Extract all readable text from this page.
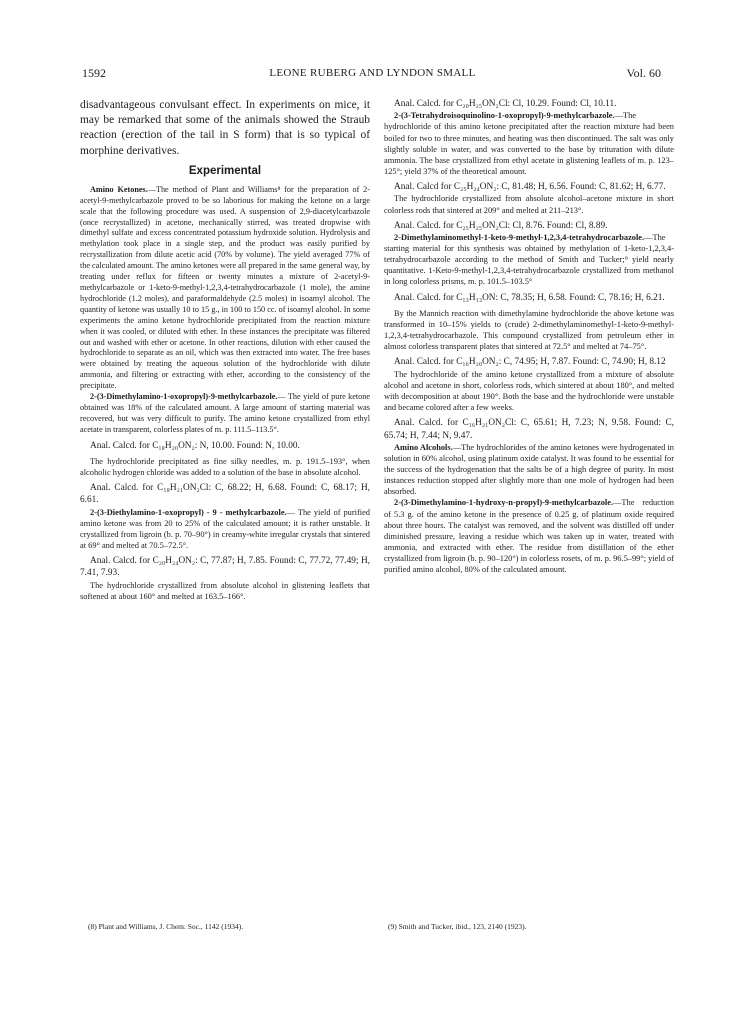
1592	LEONE RUBERG AND LYNDON SMALL	Vol. 60

disadvantageous convulsant effect. In experiments on mice, it may be remarked that some of the animals showed the Straub reaction (erection of the tail in S form) that is so typical of morphine derivatives.

Experimental

Amino Ketones.—The method of Plant and Williams⁸ for the preparation of 2-acetyl-9-methylcarbazole proved to be so laborious for making the ketone on a large scale that the following procedure was used. A suspension of 2,9-diacetylcarbazole (once recrystallized) in acetone, mechanically stirred, was treated dropwise with dimethyl sulfate and excess concentrated potassium hydroxide solution. Hydrolysis and methylation took place in a single step, and the product was easily purified by recrystallization from dilute acetic acid (70% by volume). The yield averaged 77% of the calculated amount. The amino ketones were all prepared in the same general way, by treating under reflux for fifteen or twenty minutes a mixture of 2-acetyl-9-methylcarbazole or 1-keto-9-methyl-1,2,3,4-tetrahydrocarbazole (1 mole), the amine hydrochloride (1.2 moles), and paraformaldehyde (2.5 moles) in isoamyl alcohol. The quantity of ketone was usually 10 to 15 g., in 100 to 150 cc. of isoamyl alcohol. In some experiments the amino ketone hydrochloride precipitated from the reaction mixture when it was cooled, or diluted with ether. In these instances the precipitate was filtered out and washed with ether or acetone. In other reactions, dilution with ether caused the hydrochloride to separate as an oil, which was then extracted into water. The free bases were obtained by treating the aqueous solution of the hydrochloride with dilute ammonia, and filtering or extracting with ether, according to the consistency of the precipitate.

2-(3-Dimethylamino-1-oxopropyl)-9-methylcarbazole.— The yield of pure ketone obtained was 18% of the calculated amount. A large amount of starting material was recovered, but was very difficult to purify. The amino ketone crystallized from ethyl acetate in transparent, colorless plates of m. p. 111.5–113.5°.

Anal. Calcd. for C₁₈H₂₀ON₂: N, 10.00. Found: N, 10.00.

The hydrochloride precipitated as fine silky needles, m. p. 191.5–193°, when alcoholic hydrogen chloride was added to a solution of the base in absolute alcohol.

Anal. Calcd. for C₁₈H₂₁ON₂Cl: C, 68.22; H, 6.68. Found: C, 68.17; H, 6.61.

2-(3-Diethylamino-1-oxopropyl) - 9 - methylcarbazole.— The yield of purified amino ketone was from 20 to 25% of the calculated amount; it is rather unstable. It crystallized from ligroin (b. p. 70–90°) in creamy-white irregular crystals that sintered at 69° and melted at 70.5–72.5°.

Anal. Calcd. for C₂₀H₂₄ON₂: C, 77.87; H, 7.85. Found: C, 77.72, 77.49; H, 7.41, 7.93.

The hydrochloride crystallized from absolute alcohol in glistening leaflets that softened at about 160° and melted at 163.5–166°.

Anal. Calcd. for C₂₀H₂₅ON₂Cl: Cl, 10.29. Found: Cl, 10.11.

2-(3-Tetrahydroisoquinolino-1-oxopropyl)-9-methylcarbazole.—The hydrochloride of this amino ketone precipitated after the reaction mixture had been boiled for two to three minutes, and heating was then discontinued. The salt was only slightly soluble in water, and was converted to the base by trituration with dilute ammonia. The base crystallized from ethyl acetate in glistening leaflets of m. p. 123–125°; yield 37% of the theoretical amount.

Anal. Calcd for C₂₅H₂₄ON₂: C, 81.48; H, 6.56. Found: C, 81.62; H, 6.77.

The hydrochloride crystallized from absolute alcohol–acetone mixture in short colorless rods that sintered at 209° and melted at 211–213°.

Anal. Calcd. for C₂₅H₂₅ON₂Cl: Cl, 8.76. Found: Cl, 8.89.

2-Dimethylaminomethyl-1-keto-9-methyl-1,2,3,4-tetrahydrocarbazole.—The starting material for this synthesis was obtained by methylation of 1-keto-1,2,3,4-tetrahydrocarbazole according to the method of Smith and Tucker;⁹ yield nearly quantitative. 1-Keto-9-methyl-1,2,3,4-tetrahydrocarbazole crystallized from methanol in long colorless prisms, m. p. 101.5–103.5°

Anal. Calcd. for C₁₃H₁₃ON: C, 78.35; H, 6.58. Found: C, 78.16; H, 6.21.

By the Mannich reaction with dimethylamine hydrochloride the above ketone was transformed in 10–15% yields to (crude) 2-dimethylaminomethyl-1-keto-9-methyl-1,2,3,4-tetrahydrocarbazole. This compound crystallized from petroleum ether in almost colorless transparent plates that sintered at 72.5° and melted at 74–75°.

Anal. Calcd. for C₁₆H₂₀ON₂: C, 74.95; H, 7.87. Found: C, 74.90; H, 8.12

The hydrochloride of the amino ketone crystallized from a mixture of absolute alcohol and acetone in short, colorless rods, which sintered at about 180°, and melted with decomposition at about 190°. Both the base and the hydrochloride were unstable and became colored after a few weeks.

Anal. Calcd. for C₁₆H₂₁ON₂Cl: C, 65.61; H, 7.23; N, 9.58. Found: C, 65.74; H, 7.44; N, 9.47.

Amino Alcohols.—The hydrochlorides of the amino ketones were hydrogenated in solution in 60% alcohol, using platinum oxide catalyst. It was found to be essential for the success of the hydrogenation that the salts be of a high degree of purity. In most instances reduction stopped after slightly more than one mole of hydrogen had been absorbed.

2-(3-Dimethylamino-1-hydroxy-n-propyl)-9-methylcarbazole.—The reduction of 5.3 g. of the amino ketone in the presence of 0.25 g. of platinum oxide required about three hours. The catalyst was removed, and the solvent was distilled off under diminished pressure, leaving a residue which was taken up in water, treated with ammonia, and extracted with ether. The residue from distillation of the ether crystallized from ligroin (b. p. 90–120°) in colorless rosets, of m. p. 96.5–99°; yield of purified amino alcohol, 80% of the calculated amount.

(8) Plant and Williams, J. Chem. Soc., 1142 (1934).	(9) Smith and Tucker, ibid., 123, 2140 (1923).
